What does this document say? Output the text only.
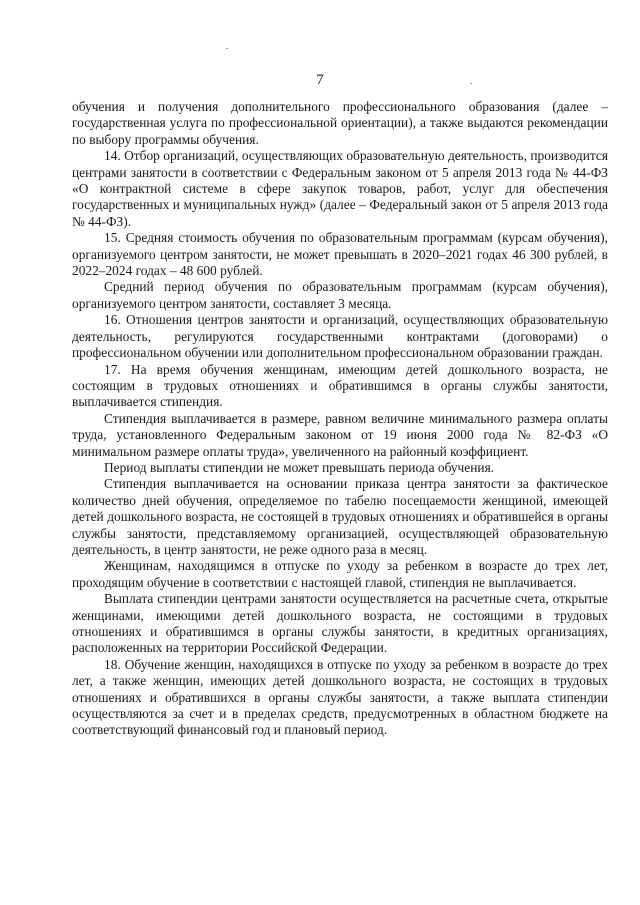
7

обучения и получения дополнительного профессионального образования (далее – государственная услуга по профессиональной ориентации), а также выдаются рекомендации по выбору программы обучения.

14. Отбор организаций, осуществляющих образовательную деятельность, производится центрами занятости в соответствии с Федеральным законом от 5 апреля 2013 года № 44-ФЗ «О контрактной системе в сфере закупок товаров, работ, услуг для обеспечения государственных и муниципальных нужд» (далее – Федеральный закон от 5 апреля 2013 года № 44-ФЗ).

15. Средняя стоимость обучения по образовательным программам (курсам обучения), организуемого центром занятости, не может превышать в 2020–2021 годах 46 300 рублей, в 2022–2024 годах – 48 600 рублей.

Средний период обучения по образовательным программам (курсам обучения), организуемого центром занятости, составляет 3 месяца.

16. Отношения центров занятости и организаций, осуществляющих образовательную деятельность, регулируются государственными контрактами (договорами) о профессиональном обучении или дополнительном профессиональном образовании граждан.

17. На время обучения женщинам, имеющим детей дошкольного возраста, не состоящим в трудовых отношениях и обратившимся в органы службы занятости, выплачивается стипендия.

Стипендия выплачивается в размере, равном величине минимального размера оплаты труда, установленного Федеральным законом от 19 июня 2000 года № 82-ФЗ «О минимальном размере оплаты труда», увеличенного на районный коэффициент.

Период выплаты стипендии не может превышать периода обучения.

Стипендия выплачивается на основании приказа центра занятости за фактическое количество дней обучения, определяемое по табелю посещаемости женщиной, имеющей детей дошкольного возраста, не состоящей в трудовых отношениях и обратившейся в органы службы занятости, представляемому организацией, осуществляющей образовательную деятельность, в центр занятости, не реже одного раза в месяц.

Женщинам, находящимся в отпуске по уходу за ребенком в возрасте до трех лет, проходящим обучение в соответствии с настоящей главой, стипендия не выплачивается.

Выплата стипендии центрами занятости осуществляется на расчетные счета, открытые женщинами, имеющими детей дошкольного возраста, не состоящими в трудовых отношениях и обратившимся в органы службы занятости, в кредитных организациях, расположенных на территории Российской Федерации.

18. Обучение женщин, находящихся в отпуске по уходу за ребенком в возрасте до трех лет, а также женщин, имеющих детей дошкольного возраста, не состоящих в трудовых отношениях и обратившихся в органы службы занятости, а также выплата стипендии осуществляются за счет и в пределах средств, предусмотренных в областном бюджете на соответствующий финансовый год и плановый период.
